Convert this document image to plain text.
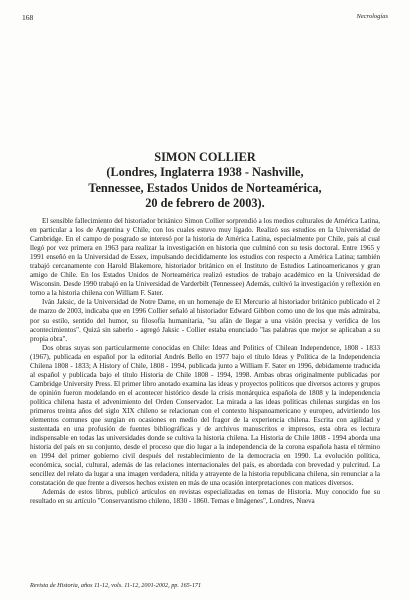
168	Necrologías
SIMON COLLIER
(Londres, Inglaterra 1938 - Nashville,
Tennessee, Estados Unidos de Norteamérica,
20 de febrero de 2003).

El sensible fallecimiento del historiador británico Simon Collier sorprendió a los medios culturales de América Latina, en particular a los de Argentina y Chile, con los cuales estuvo muy ligado. Realizó sus estudios en la Universidad de Cambridge. En el campo de posgrado se interesó por la historia de América Latina, especialmente por Chile, país al cual llegó por vez primera en 1963 para realizar la investigación en historia que culminó con su tesis doctoral. Entre 1965 y 1991 enseñó en la Universidad de Essex, impulsando decididamente los estudios con respecto a América Latina; también trabajó cercanamente con Harold Blakemore, historiador británico en el Instituto de Estudios Latinoamericanos y gran amigo de Chile. En los Estados Unidos de Norteamérica realizó estudios de trabajo académico en la Universidad de Wisconsin. Desde 1990 trabajó en la Universidad de Varderbilt (Tennessee) Además, cultivó la investigación y reflexión en torno a la historia chilena con William F. Sater.

Iván Jaksic, de la Universidad de Notre Dame, en un homenaje de El Mercurio al historiador británico publicado el 2 de marzo de 2003, indicaba que en 1996 Collier señaló al historiador Edward Gibbon como uno de los que más admiraba, por su estilo, sentido del humor, su filosofía humanitaria, "su afán de llegar a una visión precisa y verídica de los acontecimientos". Quizá sin saberlo - agregó Jaksic - Collier estaba enunciado "las palabras que mejor se aplicaban a su propia obra".

Dos obras suyas son particularmente conocidas en Chile: Ideas and Politics of Chilean Independence, 1808 - 1833 (1967), publicada en español por la editorial Andrés Bello en 1977 bajo el título Ideas y Política de la Independencia Chilena 1808 - 1833; A History of Chile, 1808 - 1994, publicada junto a William F. Sater en 1996, debidamente traducida al español y publicada bajo el título Historia de Chile 1808 - 1994, 1998. Ambas obras originalmente publicadas por Cambridge University Press. El primer libro anotado examina las ideas y proyectos políticos que diversos actores y grupos de opinión fueron modelando en el acontecer histórico desde la crisis monárquica española de 1808 y la independencia política chilena hasta el advenimiento del Orden Conservador. La mirada a las ideas políticas chilenas surgidas en los primeros treinta años del siglo XIX chileno se relacionan con el contexto hispanoamericano y europeo, advirtiendo los elementos comunes que surgían en ocasiones en medio del fragor de la experiencia chilena. Escrita con agilidad y sustentada en una profusión de fuentes bibliográficas y de archivos manuscritos e impresos, esta obra es lectura indispensable en todas las universidades donde se cultiva la historia chilena. La Historia de Chile 1808 - 1994 aborda una historia del país en su conjunto, desde el proceso que dio lugar a la independencia de la corona española hasta el término en 1994 del primer gobierno civil después del restablecimiento de la democracia en 1990. La evolución política, económica, social, cultural, además de las relaciones internacionales del país, es abordada con brevedad y pulcritud. La sencillez del relato da lugar a una imagen verdadera, nítida y atrayente de la historia republicana chilena, sin renunciar a la constatación de que frente a diversos hechos existen en más de una ocasión interpretaciones con matices diversos.

Además de estos libros, publicó artículos en revistas especializadas en temas de Historia. Muy conocido fue su resultado en su artículo "Conservantismo chileno, 1830 - 1860. Temas e Imágenes", Londres, Nueva

Revista de Historia, años 11-12, vols. 11-12, 2001-2002, pp. 165-171
